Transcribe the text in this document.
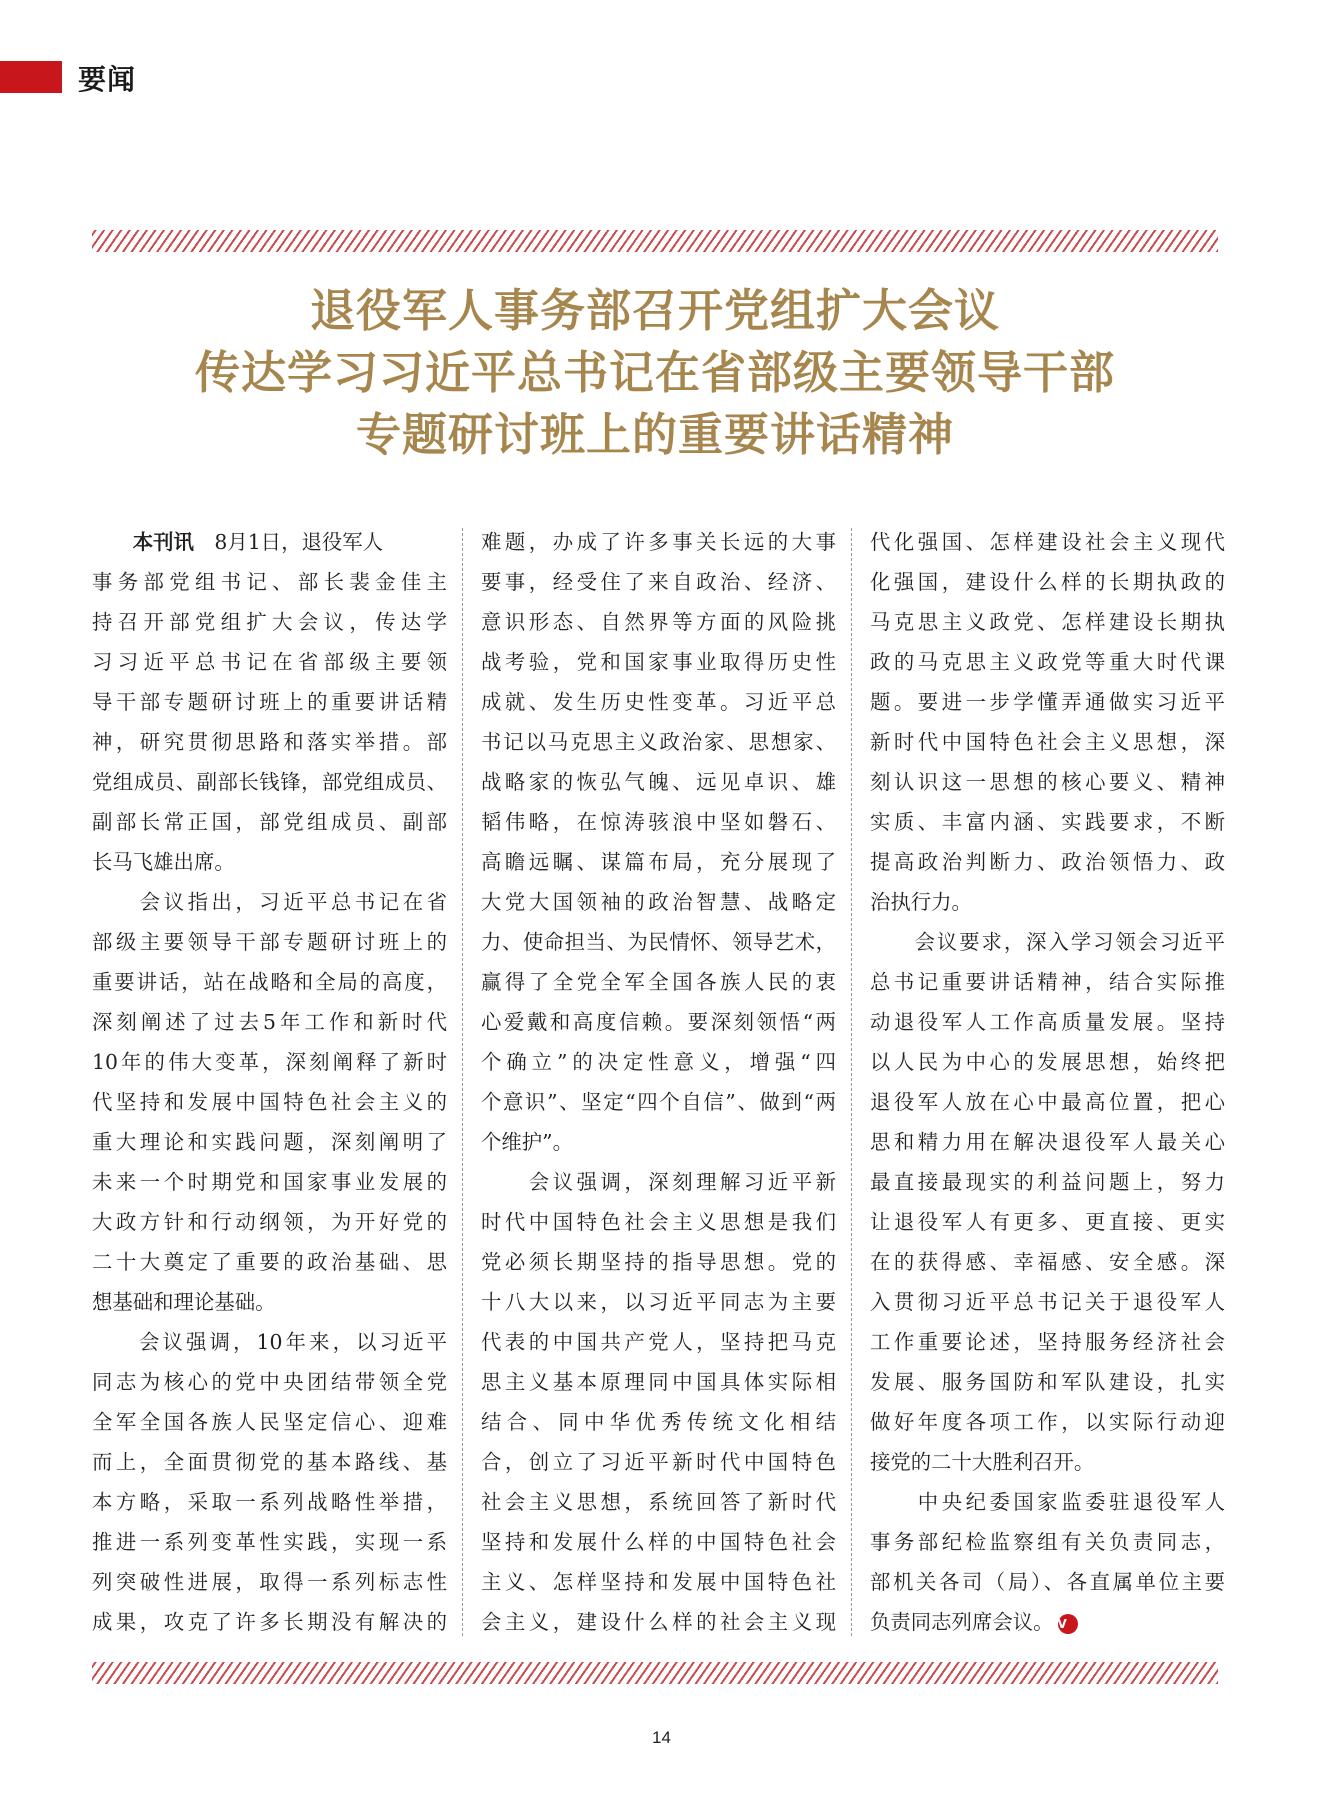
要闻
退役军人事务部召开党组扩大会议
传达学习习近平总书记在省部级主要领导干部
专题研讨班上的重要讲话精神
　　本刊讯　8月1日，退役军人
事务部党组书记、部长裴金佳主
持召开部党组扩大会议，传达学
习习近平总书记在省部级主要领
导干部专题研讨班上的重要讲话精
神，研究贯彻思路和落实举措。部
党组成员、副部长钱锋，部党组成员、
副部长常正国，部党组成员、副部
长马飞雄出席。
　　会议指出，习近平总书记在省
部级主要领导干部专题研讨班上的
重要讲话，站在战略和全局的高度，
深刻阐述了过去5年工作和新时代
10年的伟大变革，深刻阐释了新时
代坚持和发展中国特色社会主义的
重大理论和实践问题，深刻阐明了
未来一个时期党和国家事业发展的
大政方针和行动纲领，为开好党的
二十大奠定了重要的政治基础、思
想基础和理论基础。
　　会议强调，10年来，以习近平
同志为核心的党中央团结带领全党
全军全国各族人民坚定信心、迎难
而上，全面贯彻党的基本路线、基
本方略，采取一系列战略性举措，
推进一系列变革性实践，实现一系
列突破性进展，取得一系列标志性
成果，攻克了许多长期没有解决的
难题，办成了许多事关长远的大事
要事，经受住了来自政治、经济、
意识形态、自然界等方面的风险挑
战考验，党和国家事业取得历史性
成就、发生历史性变革。习近平总
书记以马克思主义政治家、思想家、
战略家的恢弘气魄、远见卓识、雄
韬伟略，在惊涛骇浪中坚如磐石、
高瞻远瞩、谋篇布局，充分展现了
大党大国领袖的政治智慧、战略定
力、使命担当、为民情怀、领导艺术，
赢得了全党全军全国各族人民的衷
心爱戴和高度信赖。要深刻领悟“两
个确立”的决定性意义，增强“四
个意识”、坚定“四个自信”、做到“两
个维护”。
　　会议强调，深刻理解习近平新
时代中国特色社会主义思想是我们
党必须长期坚持的指导思想。党的
十八大以来，以习近平同志为主要
代表的中国共产党人，坚持把马克
思主义基本原理同中国具体实际相
结合、同中华优秀传统文化相结
合，创立了习近平新时代中国特色
社会主义思想，系统回答了新时代
坚持和发展什么样的中国特色社会
主义、怎样坚持和发展中国特色社
会主义，建设什么样的社会主义现
代化强国、怎样建设社会主义现代
化强国，建设什么样的长期执政的
马克思主义政党、怎样建设长期执
政的马克思主义政党等重大时代课
题。要进一步学懂弄通做实习近平
新时代中国特色社会主义思想，深
刻认识这一思想的核心要义、精神
实质、丰富内涵、实践要求，不断
提高政治判断力、政治领悟力、政
治执行力。
　　会议要求，深入学习领会习近平
总书记重要讲话精神，结合实际推
动退役军人工作高质量发展。坚持
以人民为中心的发展思想，始终把
退役军人放在心中最高位置，把心
思和精力用在解决退役军人最关心
最直接最现实的利益问题上，努力
让退役军人有更多、更直接、更实
在的获得感、幸福感、安全感。深
入贯彻习近平总书记关于退役军人
工作重要论述，坚持服务经济社会
发展、服务国防和军队建设，扎实
做好年度各项工作，以实际行动迎
接党的二十大胜利召开。
　　中央纪委国家监委驻退役军人
事务部纪检监察组有关负责同志，
部机关各司（局）、各直属单位主要
负责同志列席会议。 V
14
